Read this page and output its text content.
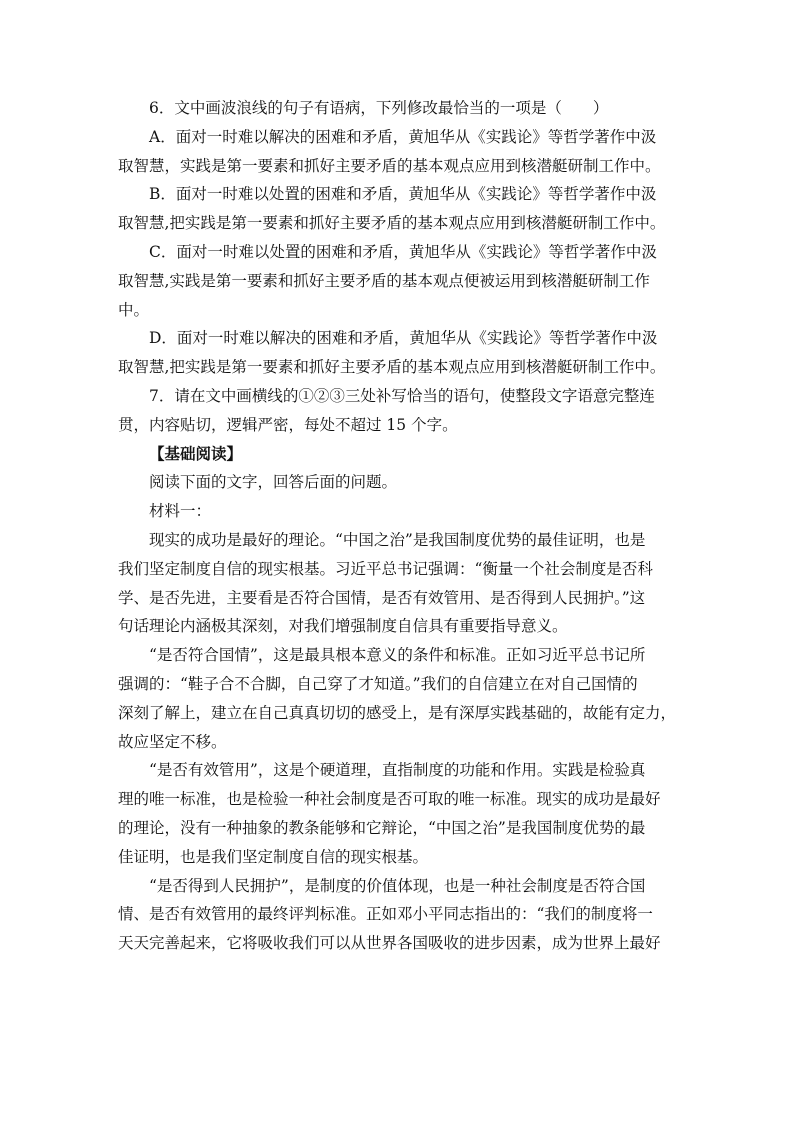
6．文中画波浪线的句子有语病，下列修改最恰当的一项是（　　）
A．面对一时难以解决的困难和矛盾，黄旭华从《实践论》等哲学著作中汲
取智慧，实践是第一要素和抓好主要矛盾的基本观点应用到核潜艇研制工作中。
B．面对一时难以处置的困难和矛盾，黄旭华从《实践论》等哲学著作中汲
取智慧,把实践是第一要素和抓好主要矛盾的基本观点应用到核潜艇研制工作中。
C．面对一时难以处置的困难和矛盾，黄旭华从《实践论》等哲学著作中汲
取智慧,实践是第一要素和抓好主要矛盾的基本观点便被运用到核潜艇研制工作
中。
D．面对一时难以解决的困难和矛盾，黄旭华从《实践论》等哲学著作中汲
取智慧,把实践是第一要素和抓好主要矛盾的基本观点应用到核潜艇研制工作中。
7．请在文中画横线的①②③三处补写恰当的语句，使整段文字语意完整连
贯，内容贴切，逻辑严密，每处不超过 15 个字。
【基础阅读】
阅读下面的文字，回答后面的问题。
材料一：
现实的成功是最好的理论。“中国之治”是我国制度优势的最佳证明，也是
我们坚定制度自信的现实根基。习近平总书记强调：“衡量一个社会制度是否科
学、是否先进，主要看是否符合国情，是否有效管用、是否得到人民拥护。”这
句话理论内涵极其深刻，对我们增强制度自信具有重要指导意义。
“是否符合国情”，这是最具根本意义的条件和标准。正如习近平总书记所
强调的：“鞋子合不合脚，自己穿了才知道。”我们的自信建立在对自己国情的
深刻了解上，建立在自己真真切切的感受上，是有深厚实践基础的，故能有定力，
故应坚定不移。
“是否有效管用”，这是个硬道理，直指制度的功能和作用。实践是检验真
理的唯一标准，也是检验一种社会制度是否可取的唯一标准。现实的成功是最好
的理论，没有一种抽象的教条能够和它辩论，“中国之治”是我国制度优势的最
佳证明，也是我们坚定制度自信的现实根基。
“是否得到人民拥护”，是制度的价值体现，也是一种社会制度是否符合国
情、是否有效管用的最终评判标准。正如邓小平同志指出的：“我们的制度将一
天天完善起来，它将吸收我们可以从世界各国吸收的进步因素，成为世界上最好
